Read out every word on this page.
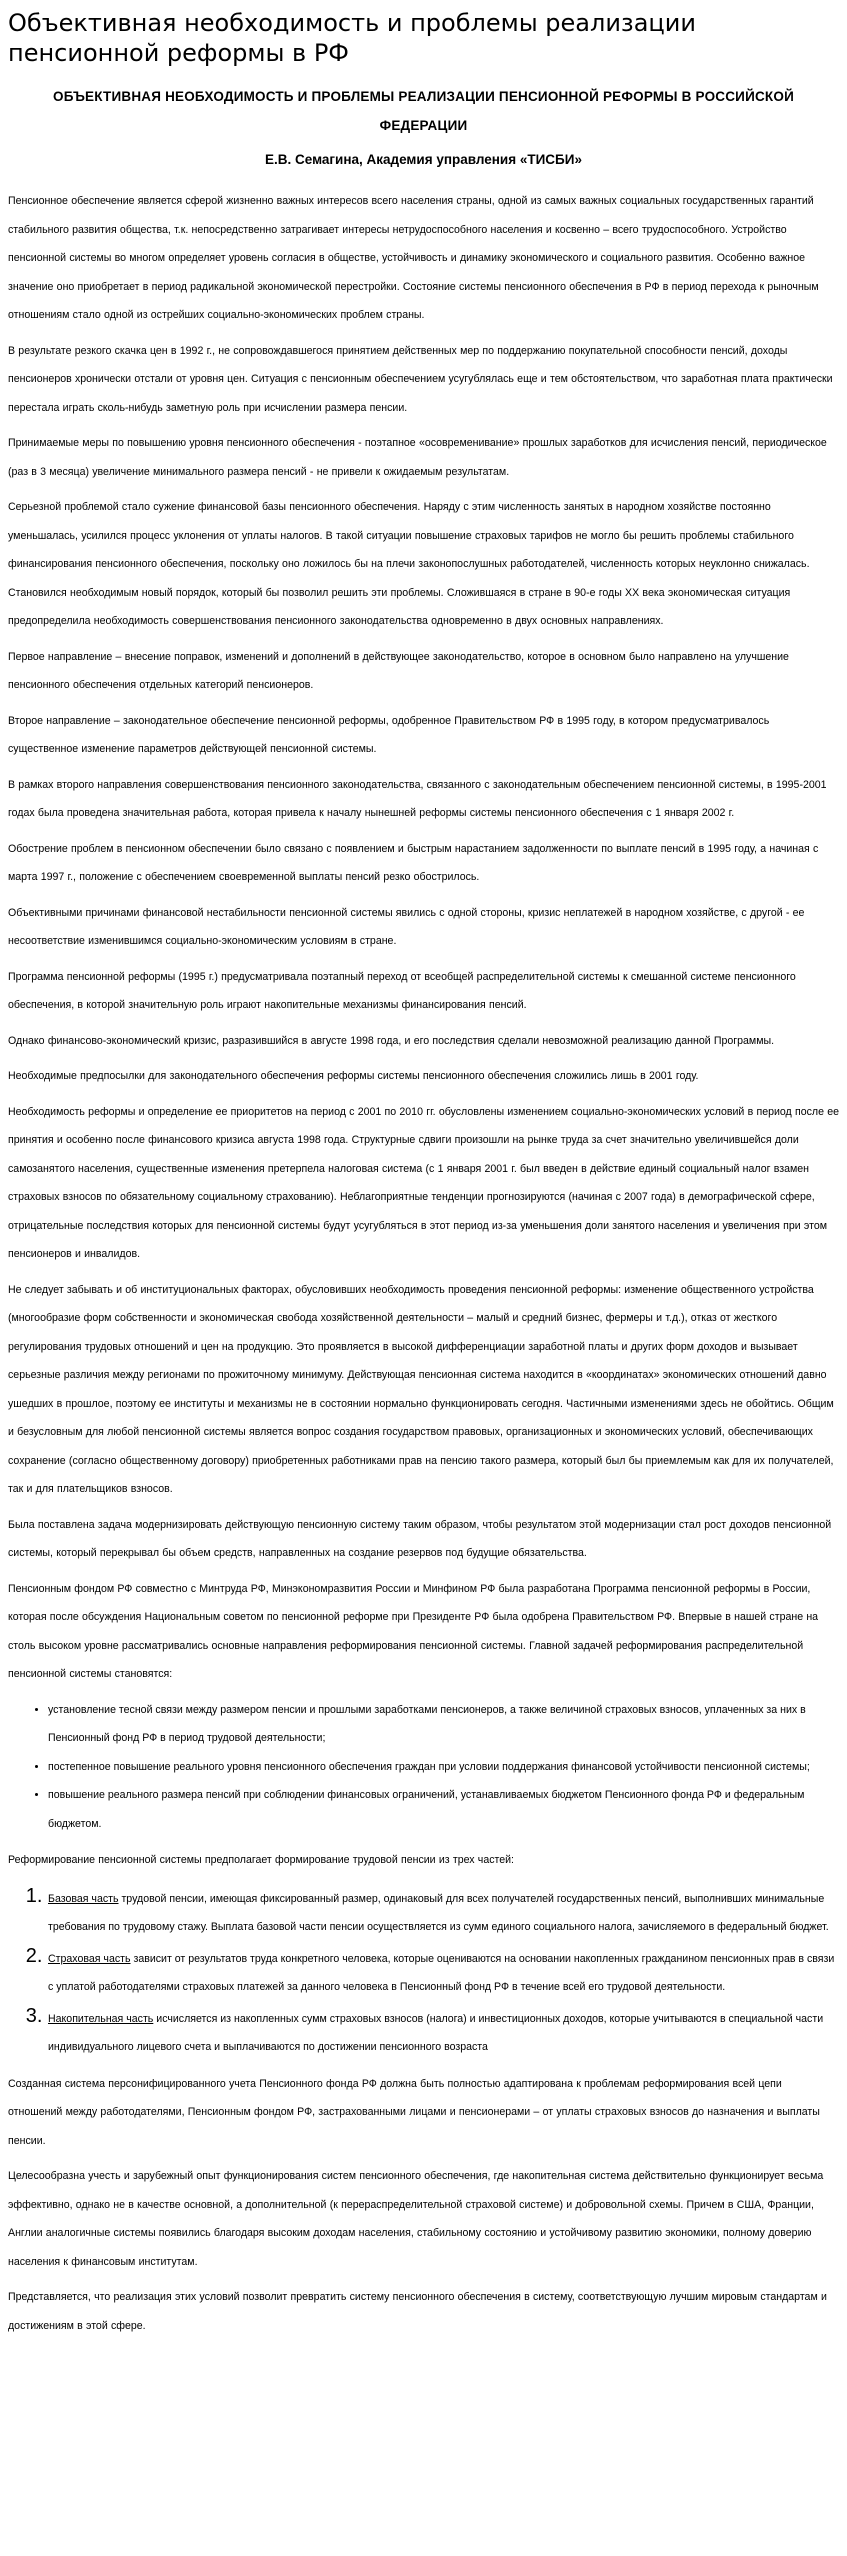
Объективная необходимость и проблемы реализации пенсионной реформы в РФ
ОБЪЕКТИВНАЯ НЕОБХОДИМОСТЬ И ПРОБЛЕМЫ РЕАЛИЗАЦИИ ПЕНСИОННОЙ РЕФОРМЫ В РОССИЙСКОЙ ФЕДЕРАЦИИ
Е.В. Семагина, Академия управления «ТИСБИ»

Пенсионное обеспечение является сферой жизненно важных интересов всего населения страны, одной из самых важных социальных государственных гарантий стабильного развития общества, т.к. непосредственно затрагивает интересы нетрудоспособного населения и косвенно – всего трудоспособного. Устройство пенсионной системы во многом определяет уровень согласия в обществе, устойчивость и динамику экономического и социального развития. Особенно важное значение оно приобретает в период радикальной экономической перестройки. Состояние системы пенсионного обеспечения в РФ в период перехода к рыночным отношениям стало одной из острейших социально-экономических проблем страны.

В результате резкого скачка цен в 1992 г., не сопровождавшегося принятием действенных мер по поддержанию покупательной способности пенсий, доходы пенсионеров хронически отстали от уровня цен. Ситуация с пенсионным обеспечением усугублялась еще и тем обстоятельством, что заработная плата практически перестала играть сколь-нибудь заметную роль при исчислении размера пенсии.

Принимаемые меры по повышению уровня пенсионного обеспечения - поэтапное «осовременивание» прошлых заработков для исчисления пенсий, периодическое (раз в 3 месяца) увеличение минимального размера пенсий - не привели к ожидаемым результатам.

Серьезной проблемой стало сужение финансовой базы пенсионного обеспечения. Наряду с этим численность занятых в народном хозяйстве постоянно уменьшалась, усилился процесс уклонения от уплаты налогов. В такой ситуации повышение страховых тарифов не могло бы решить проблемы стабильного финансирования пенсионного обеспечения, поскольку оно ложилось бы на плечи законопослушных работодателей, численность которых неуклонно снижалась. Становился необходимым новый порядок, который бы позволил решить эти проблемы. Сложившаяся в стране в 90-е годы XX века экономическая ситуация предопределила необходимость совершенствования пенсионного законодательства одновременно в двух основных направлениях.

Первое направление – внесение поправок, изменений и дополнений в действующее законодательство, которое в основном было направлено на улучшение пенсионного обеспечения отдельных категорий пенсионеров.

Второе направление – законодательное обеспечение пенсионной реформы, одобренное Правительством РФ в 1995 году, в котором предусматривалось существенное изменение параметров действующей пенсионной системы.

В рамках второго направления совершенствования пенсионного законодательства, связанного с законодательным обеспечением пенсионной системы, в 1995-2001 годах была проведена значительная работа, которая привела к началу нынешней реформы системы пенсионного обеспечения с 1 января 2002 г.

Обострение проблем в пенсионном обеспечении было связано с появлением и быстрым нарастанием задолженности по выплате пенсий в 1995 году, а начиная с марта 1997 г., положение с обеспечением своевременной выплаты пенсий резко обострилось.

Объективными причинами финансовой нестабильности пенсионной системы явились с одной стороны, кризис неплатежей в народном хозяйстве, с другой - ее несоответствие изменившимся социально-экономическим условиям в стране.

Программа пенсионной реформы (1995 г.) предусматривала поэтапный переход от всеобщей распределительной системы к смешанной системе пенсионного обеспечения, в которой значительную роль играют накопительные механизмы финансирования пенсий.

Однако финансово-экономический кризис, разразившийся в августе 1998 года, и его последствия сделали невозможной реализацию данной Программы.

Необходимые предпосылки для законодательного обеспечения реформы системы пенсионного обеспечения сложились лишь в 2001 году.

Необходимость реформы и определение ее приоритетов на период с 2001 по 2010 гг. обусловлены изменением социально-экономических условий в период после ее принятия и особенно после финансового кризиса августа 1998 года. Структурные сдвиги произошли на рынке труда за счет значительно увеличившейся доли самозанятого населения, существенные изменения претерпела налоговая система (с 1 января 2001 г. был введен в действие единый социальный налог взамен страховых взносов по обязательному социальному страхованию). Неблагоприятные тенденции прогнозируются (начиная с 2007 года) в демографической сфере, отрицательные последствия которых для пенсионной системы будут усугубляться в этот период из-за уменьшения доли занятого населения и увеличения при этом пенсионеров и инвалидов.

Не следует забывать и об институциональных факторах, обусловивших необходимость проведения пенсионной реформы: изменение общественного устройства (многообразие форм собственности и экономическая свобода хозяйственной деятельности – малый и средний бизнес, фермеры и т.д.), отказ от жесткого регулирования трудовых отношений и цен на продукцию. Это проявляется в высокой дифференциации заработной платы и других форм доходов и вызывает серьезные различия между регионами по прожиточному минимуму. Действующая пенсионная система находится в «координатах» экономических отношений давно ушедших в прошлое, поэтому ее институты и механизмы не в состоянии нормально функционировать сегодня. Частичными изменениями здесь не обойтись. Общим и безусловным для любой пенсионной системы является вопрос создания государством правовых, организационных и экономических условий, обеспечивающих сохранение (согласно общественному договору) приобретенных работниками прав на пенсию такого размера, который был бы приемлемым как для их получателей, так и для плательщиков взносов.

Была поставлена задача модернизировать действующую пенсионную систему таким образом, чтобы результатом этой модернизации стал рост доходов пенсионной системы, который перекрывал бы объем средств, направленных на создание резервов под будущие обязательства.

Пенсионным фондом РФ совместно с Минтруда РФ, Минэкономразвития России и Минфином РФ была разработана Программа пенсионной реформы в России, которая после обсуждения Национальным советом по пенсионной реформе при Президенте РФ была одобрена Правительством РФ. Впервые в нашей стране на столь высоком уровне рассматривались основные направления реформирования пенсионной системы. Главной задачей реформирования распределительной пенсионной системы становятся:

• установление тесной связи между размером пенсии и прошлыми заработками пенсионеров, а также величиной страховых взносов, уплаченных за них в Пенсионный фонд РФ в период трудовой деятельности;
• постепенное повышение реального уровня пенсионного обеспечения граждан при условии поддержания финансовой устойчивости пенсионной системы;
• повышение реального размера пенсий при соблюдении финансовых ограничений, устанавливаемых бюджетом Пенсионного фонда РФ и федеральным бюджетом.

Реформирование пенсионной системы предполагает формирование трудовой пенсии из трех частей:

1. Базовая часть трудовой пенсии, имеющая фиксированный размер, одинаковый для всех получателей государственных пенсий, выполнивших минимальные требования по трудовому стажу. Выплата базовой части пенсии осуществляется из сумм единого социального налога, зачисляемого в федеральный бюджет.
2. Страховая часть зависит от результатов труда конкретного человека, которые оцениваются на основании накопленных гражданином пенсионных прав в связи с уплатой работодателями страховых платежей за данного человека в Пенсионный фонд РФ в течение всей его трудовой деятельности.
3. Накопительная часть исчисляется из накопленных сумм страховых взносов (налога) и инвестиционных доходов, которые учитываются в специальной части индивидуального лицевого счета и выплачиваются по достижении пенсионного возраста

Созданная система персонифицированного учета Пенсионного фонда РФ должна быть полностью адаптирована к проблемам реформирования всей цепи отношений между работодателями, Пенсионным фондом РФ, застрахованными лицами и пенсионерами – от уплаты страховых взносов до назначения и выплаты пенсии.

Целесообразна учесть и зарубежный опыт функционирования систем пенсионного обеспечения, где накопительная система действительно функционирует весьма эффективно, однако не в качестве основной, а дополнительной (к перераспределительной страховой системе) и добровольной схемы. Причем в США, Франции, Англии аналогичные системы появились благодаря высоким доходам населения, стабильному состоянию и устойчивому развитию экономики, полному доверию населения к финансовым институтам.

Представляется, что реализация этих условий позволит превратить систему пенсионного обеспечения в систему, соответствующую лучшим мировым стандартам и достижениям в этой сфере.
